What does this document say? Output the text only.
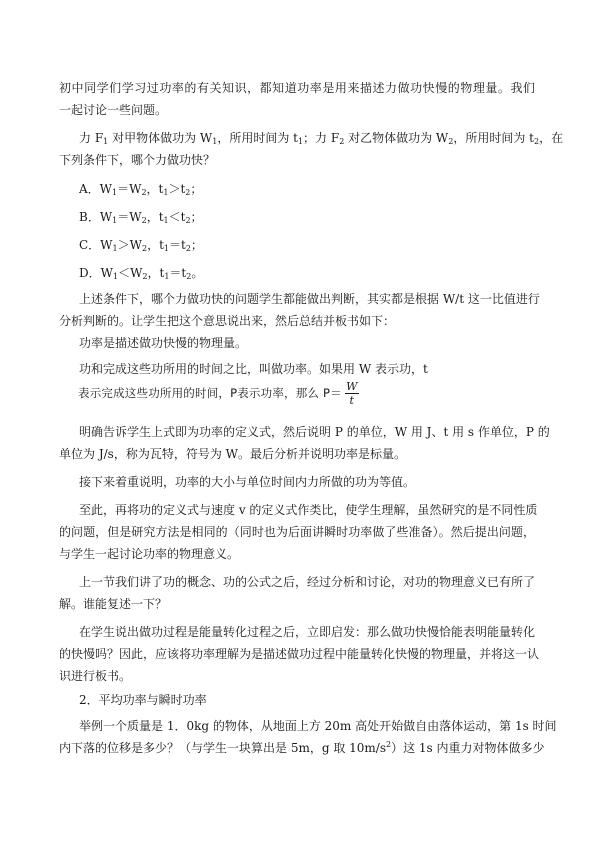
初中同学们学习过功率的有关知识，都知道功率是用来描述力做功快慢的物理量。我们
一起讨论一些问题。
力 $F_1$ 对甲物体做功为 $W_1$，所用时间为 $t_1$；力 $F_2$ 对乙物体做功为 $W_2$，所用时间为 $t_2$，在
下列条件下，哪个力做功快？
A．$W_1=W_2$，$t_1>t_2$；
B．$W_1=W_2$，$t_1<t_2$；
C．$W_1>W_2$，$t_1=t_2$；
D．$W_1<W_2$，$t_1=t_2$。
上述条件下，哪个力做功快的问题学生都能做出判断，其实都是根据 W/t 这一比值进行
分析判断的。让学生把这个意思说出来，然后总结并板书如下：
功率是描述做功快慢的物理量。
功和完成这些功所用的时间之比，叫做功率。如果用 W 表示功，t
表示完成这些功所用的时间，P表示功率，那么 $P= \frac{W}{t}$
明确告诉学生上式即为功率的定义式，然后说明 P 的单位，W 用 J、t 用 s 作单位，P 的
单位为 J/s，称为瓦特，符号为 W。最后分析并说明功率是标量。
接下来着重说明，功率的大小与单位时间内力所做的功为等值。
至此，再将功的定义式与速度 v 的定义式作类比，使学生理解，虽然研究的是不同性质
的问题，但是研究方法是相同的（同时也为后面讲瞬时功率做了些准备）。然后提出问题，
与学生一起讨论功率的物理意义。
上一节我们讲了功的概念、功的公式之后，经过分析和讨论，对功的物理意义已有所了
解。谁能复述一下？
在学生说出做功过程是能量转化过程之后，立即启发：那么做功快慢恰能表明能量转化
的快慢吗？因此，应该将功率理解为是描述做功过程中能量转化快慢的物理量，并将这一认
识进行板书。
2．平均功率与瞬时功率
举例一个质量是 1．0kg 的物体，从地面上方 20m 高处开始做自由落体运动，第 1s 时间
内下落的位移是多少？（与学生一块算出是 5m，g 取 $10m/s^2$）这 1s 内重力对物体做多少
